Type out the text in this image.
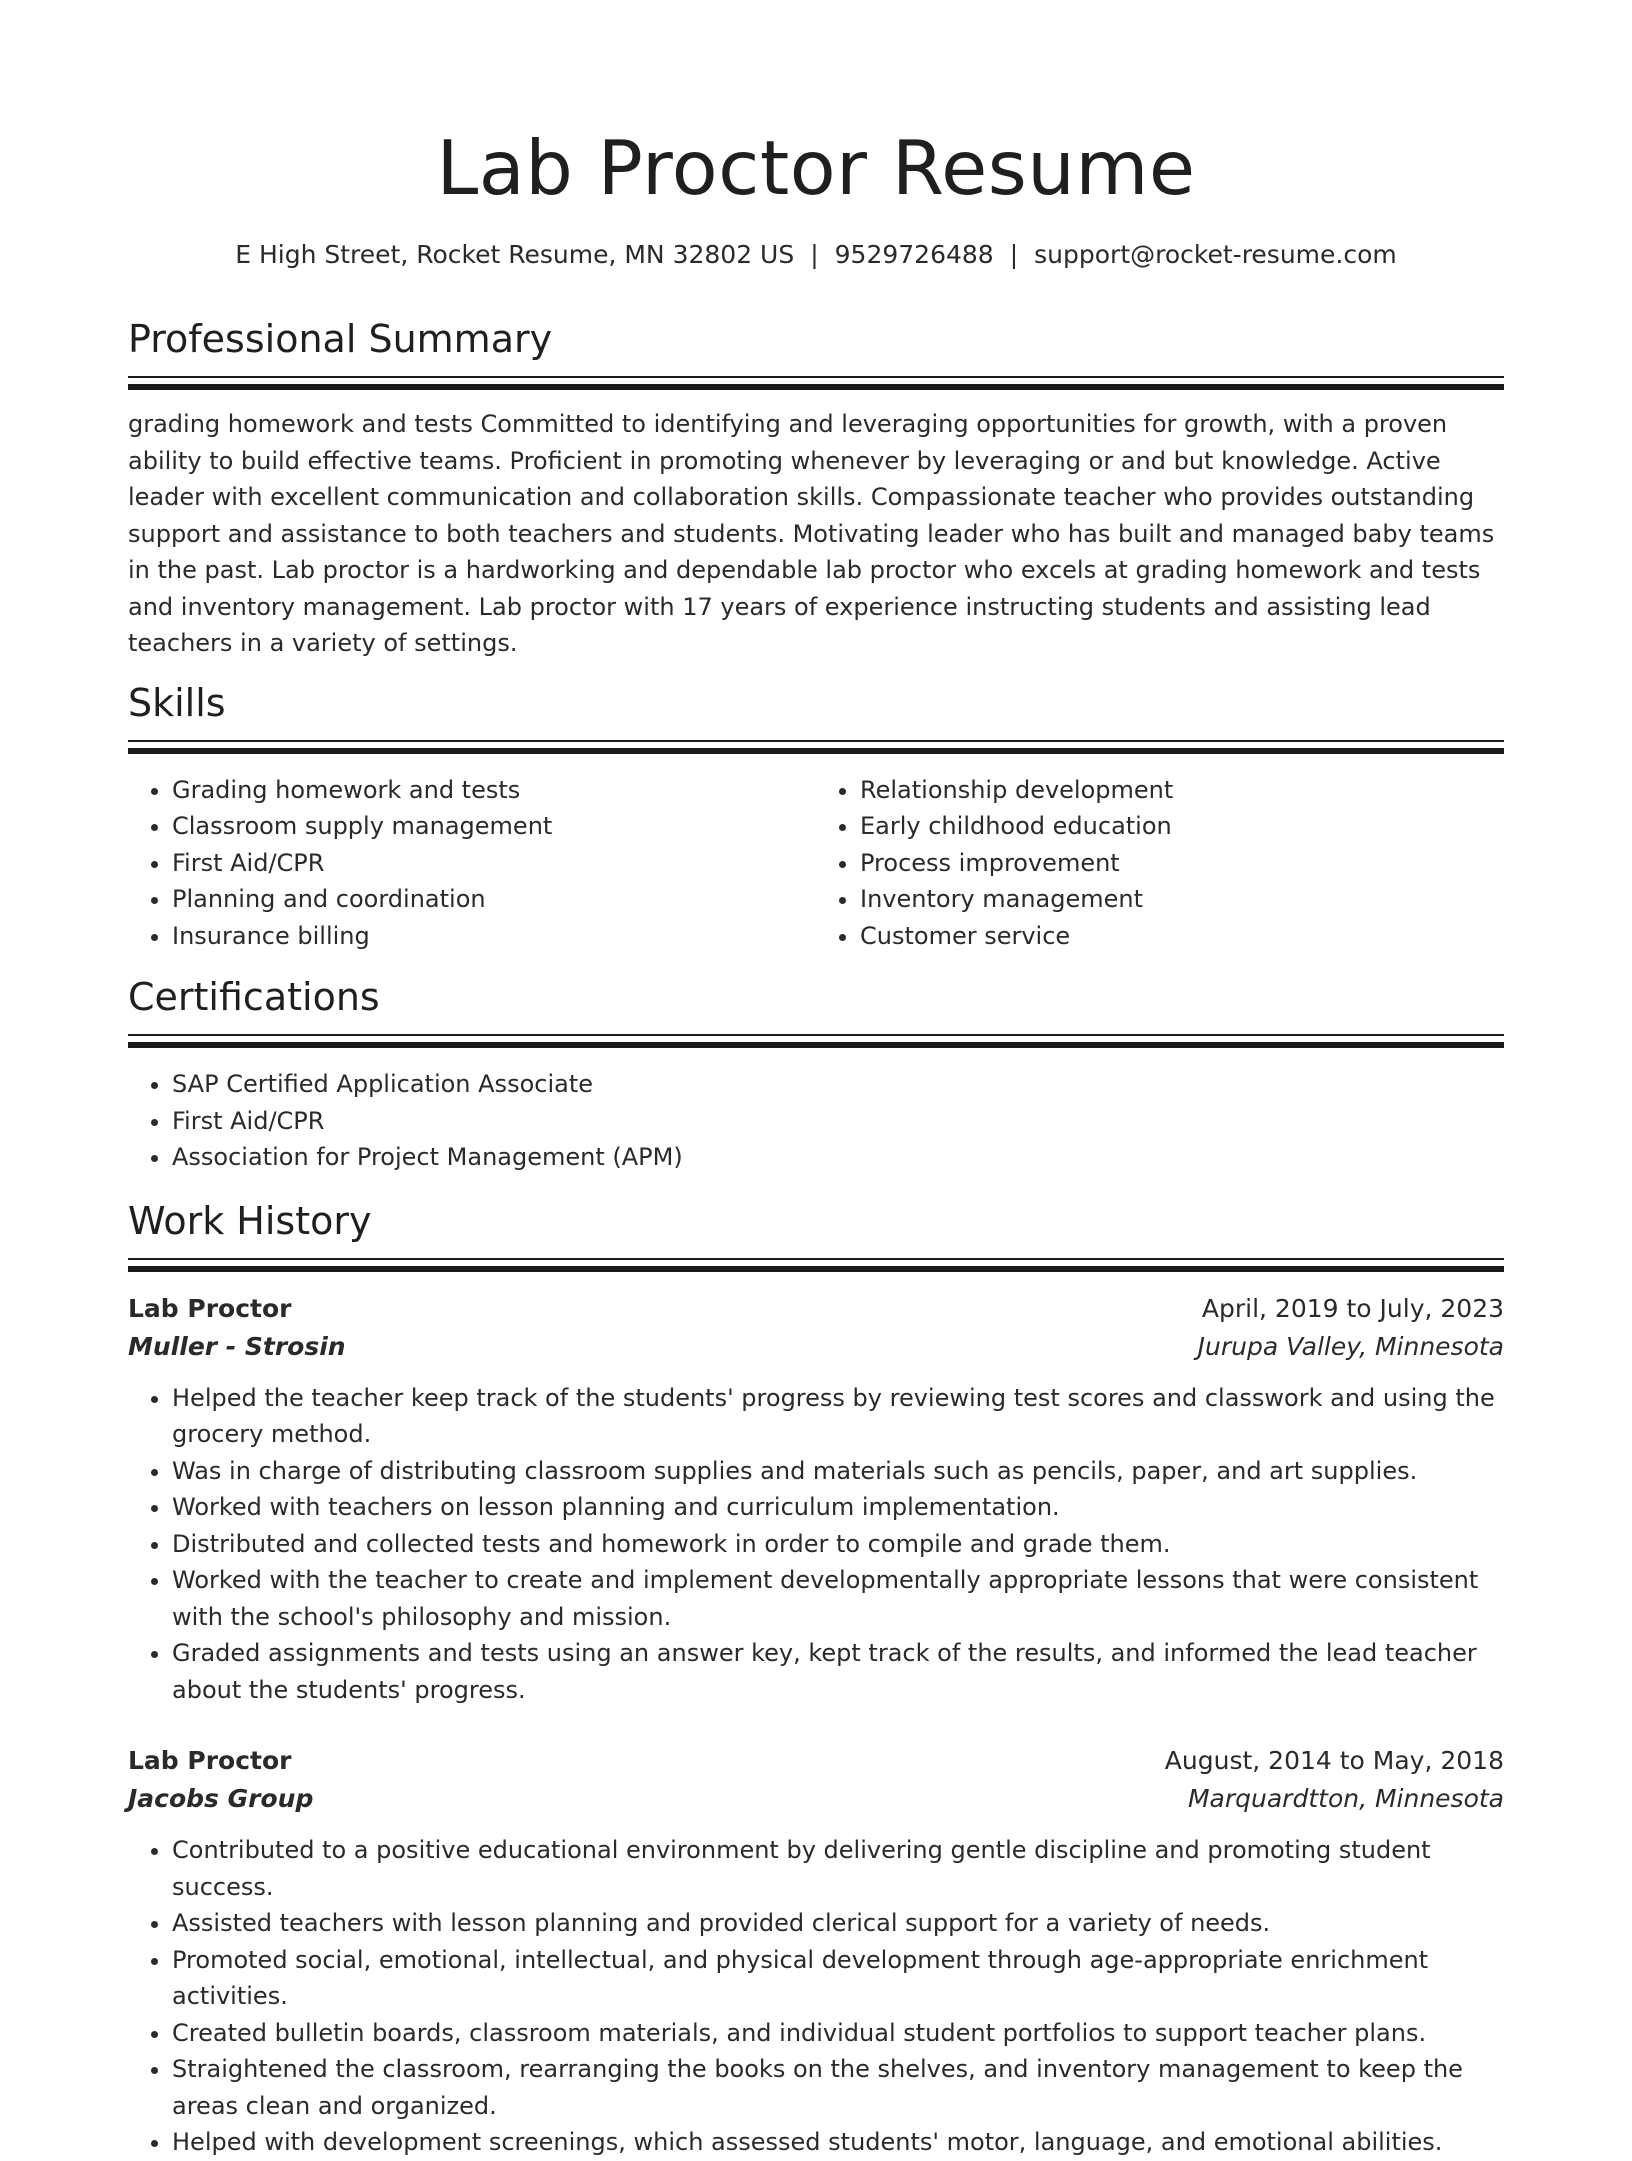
Lab Proctor Resume
E High Street, Rocket Resume, MN 32802 US | 9529726488 | support@rocket-resume.com
Professional Summary

grading homework and tests Committed to identifying and leveraging opportunities for growth, with a proven ability to build effective teams. Proficient in promoting whenever by leveraging or and but knowledge. Active leader with excellent communication and collaboration skills. Compassionate teacher who provides outstanding support and assistance to both teachers and students. Motivating leader who has built and managed baby teams in the past. Lab proctor is a hardworking and dependable lab proctor who excels at grading homework and tests and inventory management. Lab proctor with 17 years of experience instructing students and assisting lead teachers in a variety of settings.

Skills
• Grading homework and tests
• Classroom supply management
• First Aid/CPR
• Planning and coordination
• Insurance billing
• Relationship development
• Early childhood education
• Process improvement
• Inventory management
• Customer service
Certifications
• SAP Certified Application Associate
• First Aid/CPR
• Association for Project Management (APM)
Work History
Lab Proctor	April, 2019 to July, 2023
Muller - Strosin	Jurupa Valley, Minnesota
• Helped the teacher keep track of the students' progress by reviewing test scores and classwork and using the grocery method.
• Was in charge of distributing classroom supplies and materials such as pencils, paper, and art supplies.
• Worked with teachers on lesson planning and curriculum implementation.
• Distributed and collected tests and homework in order to compile and grade them.
• Worked with the teacher to create and implement developmentally appropriate lessons that were consistent with the school's philosophy and mission.
• Graded assignments and tests using an answer key, kept track of the results, and informed the lead teacher about the students' progress.
Lab Proctor	August, 2014 to May, 2018
Jacobs Group	Marquardtton, Minnesota
• Contributed to a positive educational environment by delivering gentle discipline and promoting student success.
• Assisted teachers with lesson planning and provided clerical support for a variety of needs.
• Promoted social, emotional, intellectual, and physical development through age-appropriate enrichment activities.
• Created bulletin boards, classroom materials, and individual student portfolios to support teacher plans.
• Straightened the classroom, rearranging the books on the shelves, and inventory management to keep the areas clean and organized.
• Helped with development screenings, which assessed students' motor, language, and emotional abilities.
